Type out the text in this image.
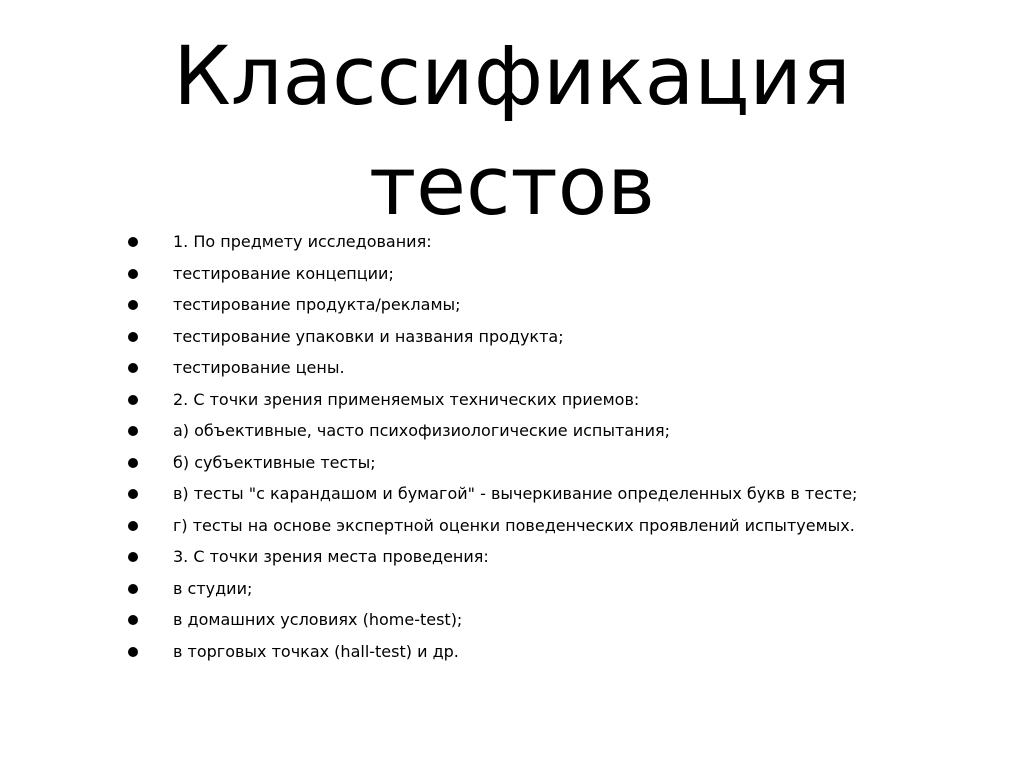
Классификация
тестов
1. По предмету исследования:
тестирование концепции;
тестирование продукта/рекламы;
тестирование упаковки и названия продукта;
тестирование цены.
2. С точки зрения применяемых технических приемов:
а) объективные, часто психофизиологические испытания;
б) субъективные тесты;
в) тесты "с карандашом и бумагой" - вычеркивание определенных букв в тесте;
г) тесты на основе экспертной оценки поведенческих проявлений испытуемых.
3. С точки зрения места проведения:
в студии;
в домашних условиях (home-test);
в торговых точках (hall-test) и др.
